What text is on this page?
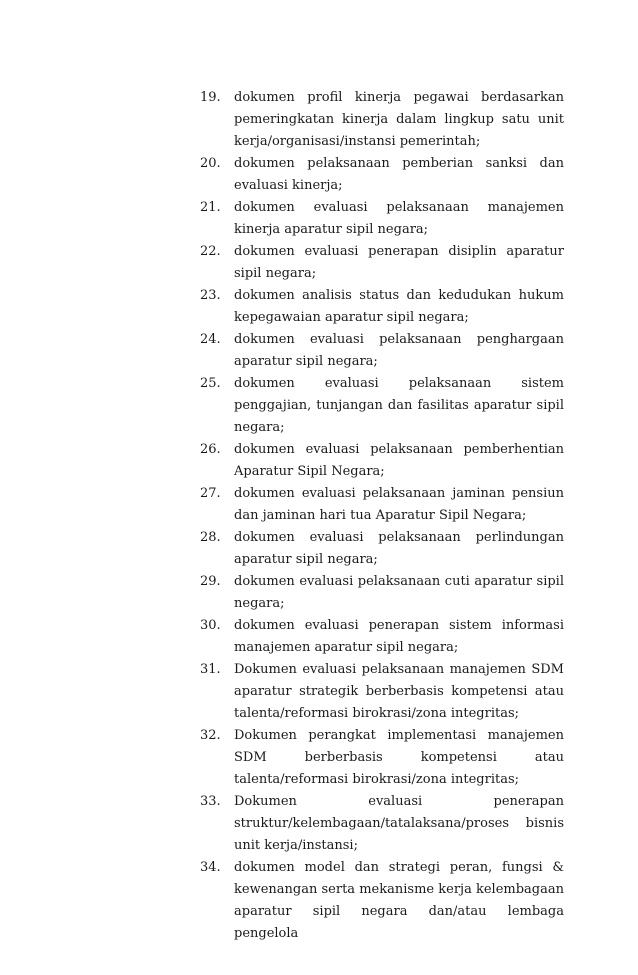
19.	dokumen profil kinerja pegawai berdasarkan pemeringkatan kinerja dalam lingkup satu unit kerja/organisasi/instansi pemerintah;
20.	dokumen pelaksanaan pemberian sanksi dan evaluasi kinerja;
21.	dokumen evaluasi pelaksanaan manajemen kinerja aparatur sipil negara;
22.	dokumen evaluasi penerapan disiplin aparatur sipil negara;
23.	dokumen analisis status dan kedudukan hukum kepegawaian aparatur sipil negara;
24.	dokumen evaluasi pelaksanaan penghargaan aparatur sipil negara;
25.	dokumen evaluasi pelaksanaan sistem penggajian, tunjangan dan fasilitas aparatur sipil negara;
26.	dokumen evaluasi pelaksanaan pemberhentian Aparatur Sipil Negara;
27.	dokumen evaluasi pelaksanaan jaminan pensiun dan jaminan hari tua Aparatur Sipil Negara;
28.	dokumen evaluasi pelaksanaan perlindungan aparatur sipil negara;
29.	dokumen evaluasi pelaksanaan cuti aparatur sipil negara;
30.	dokumen evaluasi penerapan sistem informasi manajemen aparatur sipil negara;
31.	Dokumen evaluasi pelaksanaan manajemen SDM aparatur strategik berberbasis kompetensi atau talenta/reformasi birokrasi/zona integritas;
32.	Dokumen perangkat implementasi manajemen SDM berberbasis kompetensi atau talenta/reformasi birokrasi/zona integritas;
33.	Dokumen evaluasi penerapan struktur/kelembagaan/tatalaksana/proses bisnis unit kerja/instansi;
34.	dokumen model dan strategi peran, fungsi & kewenangan serta mekanisme kerja kelembagaan aparatur sipil negara dan/atau lembaga pengelola
